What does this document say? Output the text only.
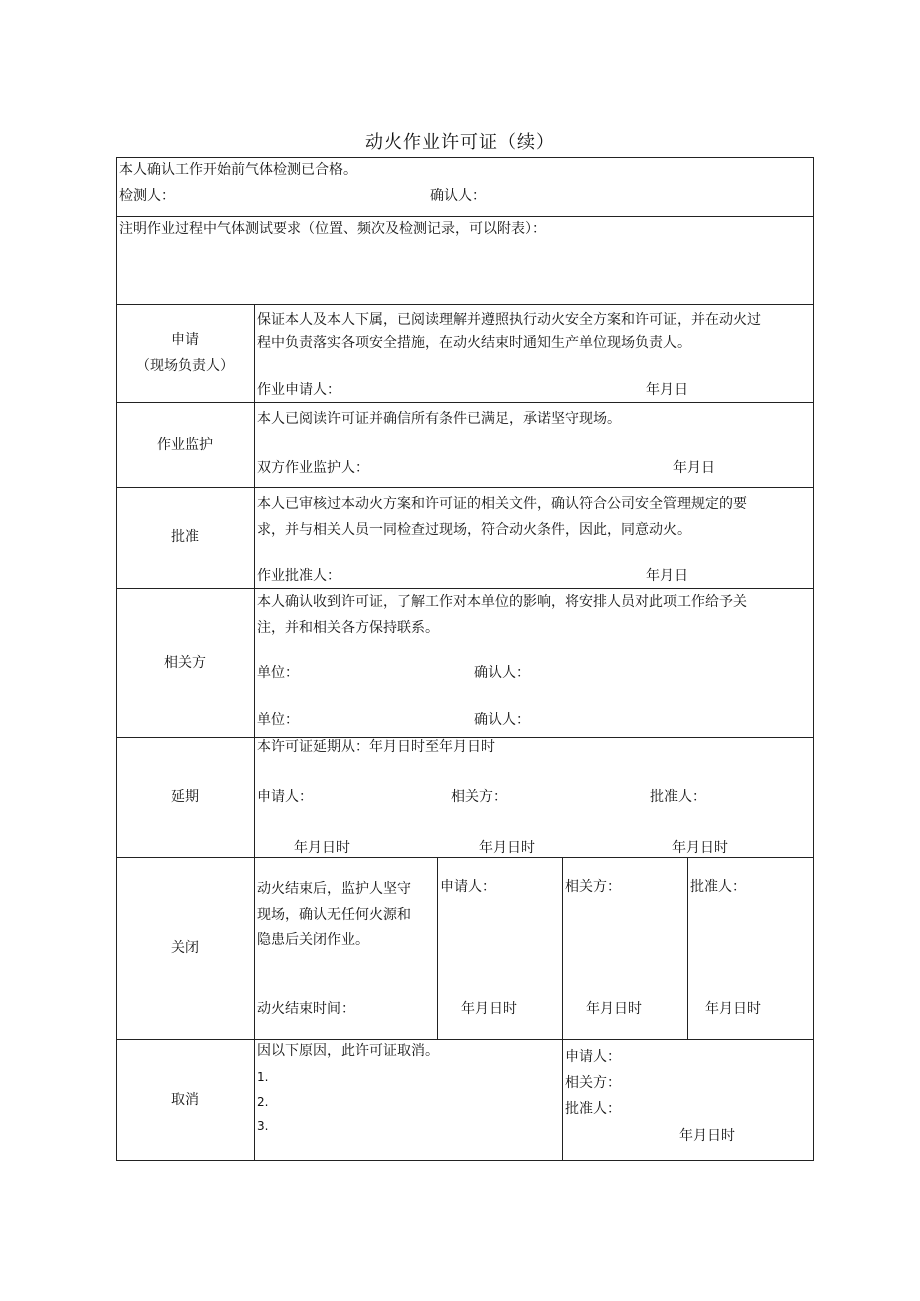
动火作业许可证（续）
本人确认工作开始前气体检测已合格。
检测人：	确认人：
注明作业过程中气体测试要求（位置、频次及检测记录，可以附表）：
申请
（现场负责人）
保证本人及本人下属，已阅读理解并遵照执行动火安全方案和许可证，并在动火过
程中负责落实各项安全措施，在动火结束时通知生产单位现场负责人。
作业申请人：	年月日
作业监护
本人已阅读许可证并确信所有条件已满足，承诺坚守现场。
双方作业监护人：	年月日
批准
本人已审核过本动火方案和许可证的相关文件，确认符合公司安全管理规定的要
求，并与相关人员一同检查过现场，符合动火条件，因此，同意动火。
作业批准人：	年月日
相关方
本人确认收到许可证，了解工作对本单位的影响，将安排人员对此项工作给予关
注，并和相关各方保持联系。
单位：	确认人：
单位：	确认人：
延期
本许可证延期从：年月日时至年月日时
申请人：	相关方：	批准人：
年月日时	年月日时	年月日时
关闭
动火结束后，监护人坚守
现场，确认无任何火源和
隐患后关闭作业。
动火结束时间：
申请人：	相关方：	批准人：
年月日时	年月日时	年月日时
取消
因以下原因，此许可证取消。
1.
2.
3.
申请人：
相关方：
批准人：
年月日时
